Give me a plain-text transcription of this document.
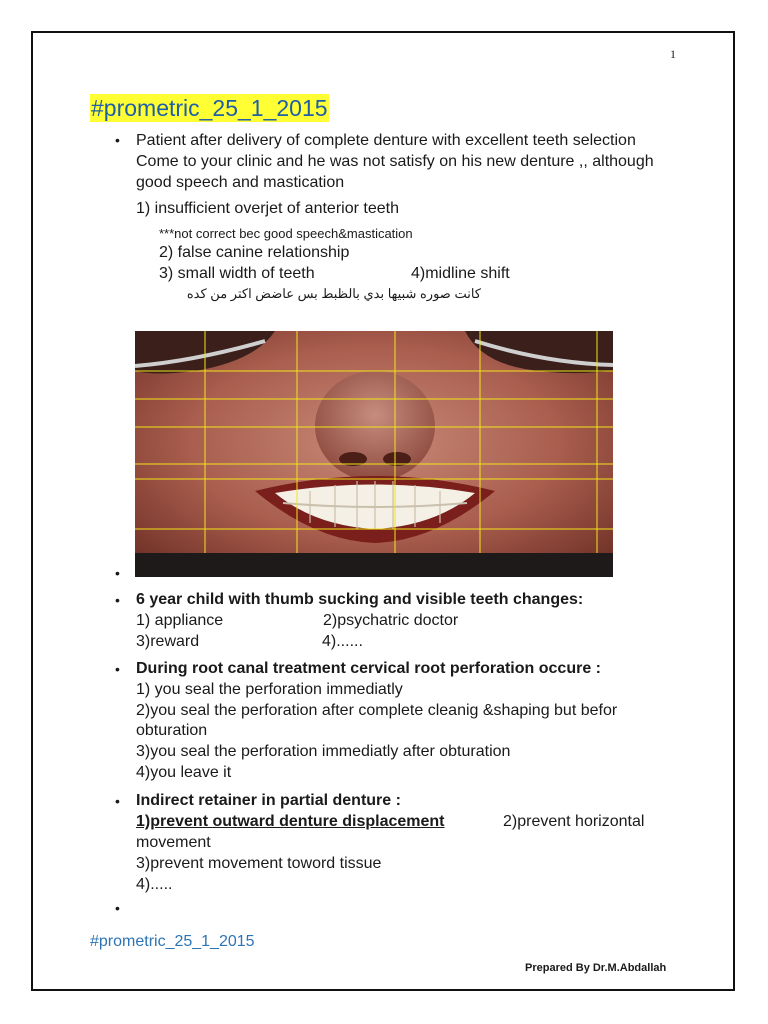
1
#prometric_25_1_2015
• Patient after delivery of complete denture with excellent teeth selection Come to your clinic and he was not satisfy on his new denture ,, although good speech and mastication
1) insufficient overjet of anterior teeth
***not correct bec good speech&mastication
2) false canine relationship
3) small width of teeth	4)midline shift
كانت صوره شبيها بدي بالظبط بس عاضض اكتر من كده
•
• 6 year child with thumb sucking and visible teeth changes:
1) appliance	2)psychatric doctor
3)reward	4)......
• During root canal treatment cervical root perforation occure :
1) you seal the perforation immediatly
2)you seal the perforation after complete cleanig &shaping but befor
obturation
3)you seal the perforation immediatly after obturation
4)you leave it
• Indirect retainer in partial denture :
1)prevent outward denture displacement	2)prevent horizontal
movement
3)prevent movement toword tissue
4).....
•
#prometric_25_1_2015
Prepared By Dr.M.Abdallah
